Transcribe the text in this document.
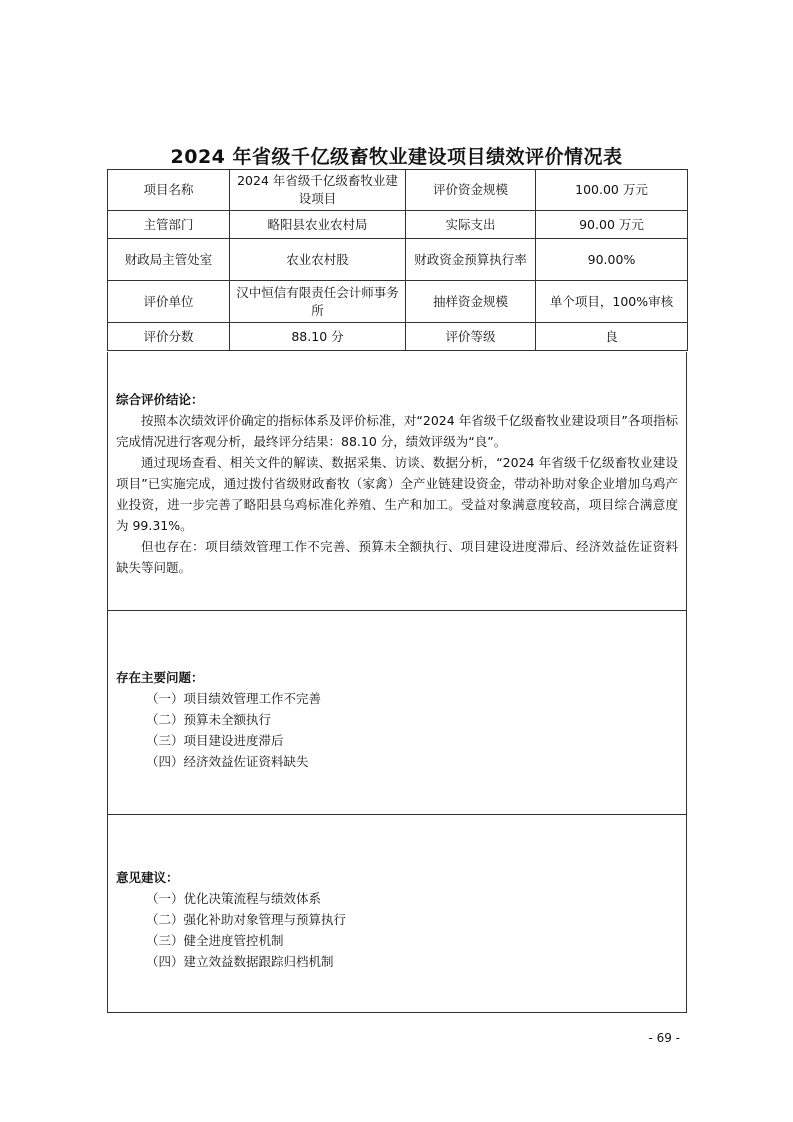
2024 年省级千亿级畜牧业建设项目绩效评价情况表
项目名称	2024 年省级千亿级畜牧业建设项目	评价资金规模	100.00 万元
主管部门	略阳县农业农村局	实际支出	90.00 万元
财政局主管处室	农业农村股	财政资金预算执行率	90.00%
评价单位	汉中恒信有限责任会计师事务所	抽样资金规模	单个项目，100%审核
评价分数	88.10 分	评价等级	良
综合评价结论：

按照本次绩效评价确定的指标体系及评价标准，对“2024 年省级千亿级畜牧业建设项目”各项指标完成情况进行客观分析，最终评分结果：88.10 分，绩效评级为“良”。

通过现场查看、相关文件的解读、数据采集、访谈、数据分析，“2024 年省级千亿级畜牧业建设项目”已实施完成，通过拨付省级财政畜牧（家禽）全产业链建设资金，带动补助对象企业增加乌鸡产业投资，进一步完善了略阳县乌鸡标准化养殖、生产和加工。受益对象满意度较高，项目综合满意度为 99.31%。

但也存在：项目绩效管理工作不完善、预算未全额执行、项目建设进度滞后、经济效益佐证资料缺失等问题。

存在主要问题：
（一）项目绩效管理工作不完善
（二）预算未全额执行
（三）项目建设进度滞后
（四）经济效益佐证资料缺失
意见建议：
（一）优化决策流程与绩效体系
（二）强化补助对象管理与预算执行
（三）健全进度管控机制
（四）建立效益数据跟踪归档机制
- 69 -
